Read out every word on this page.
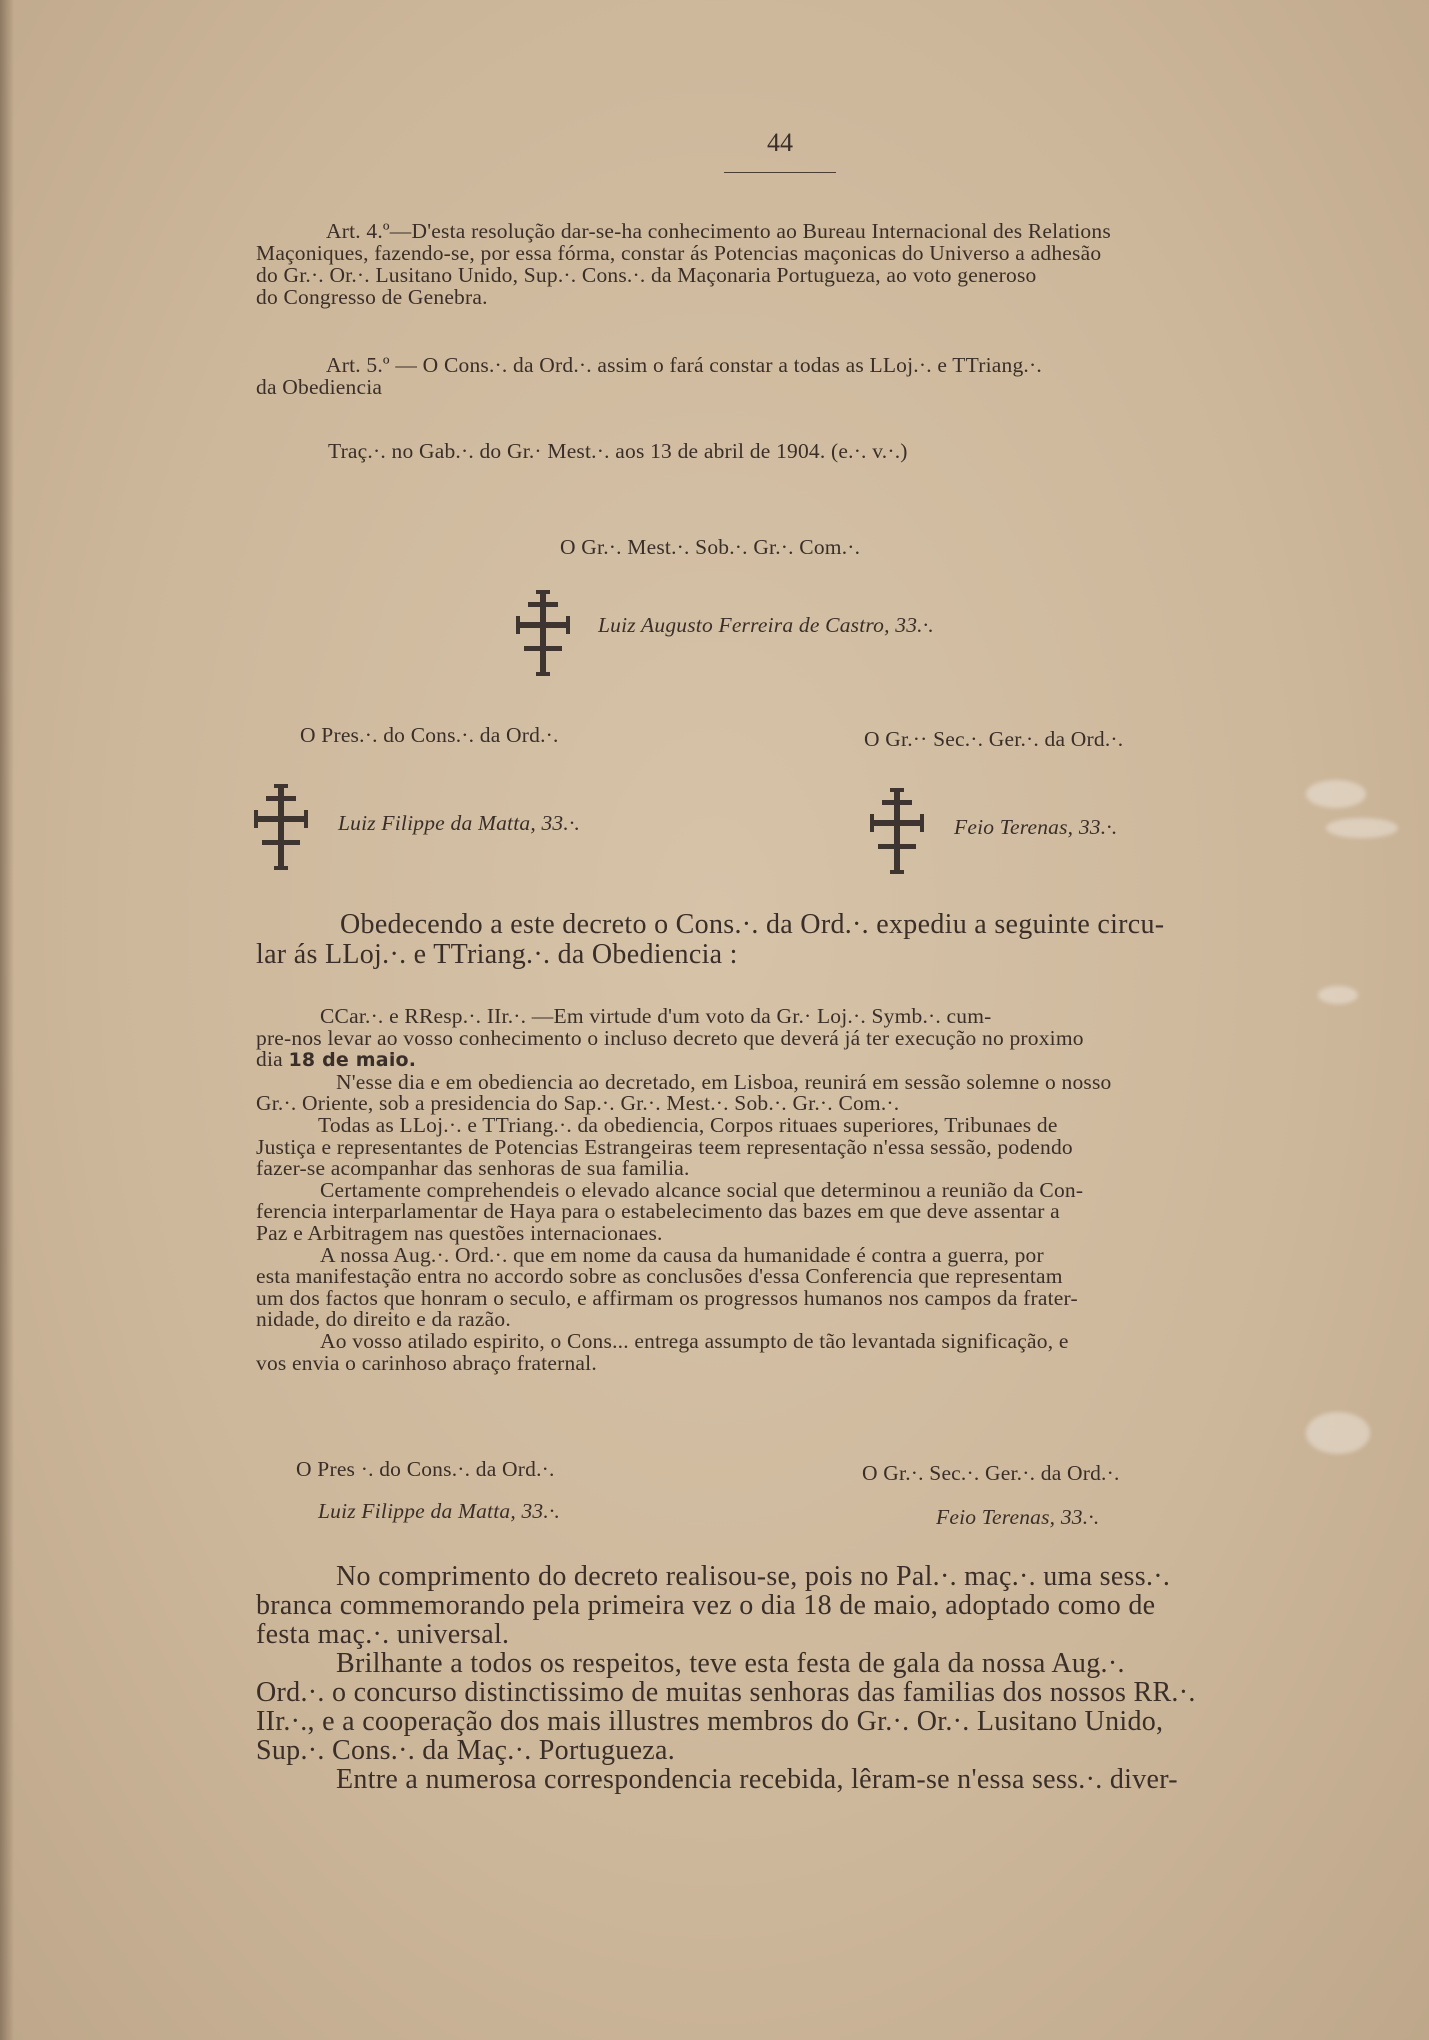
44
Art. 4.º—D'esta resolução dar-se-ha conhecimento ao Bureau Internacional des Relations
Maçoniques, fazendo-se, por essa fórma, constar ás Potencias maçonicas do Universo a adhesão
do Gr.·. Or.·. Lusitano Unido, Sup.·. Cons.·. da Maçonaria Portugueza, ao voto generoso
do Congresso de Genebra.
Art. 5.º — O Cons.·. da Ord.·. assim o fará constar a todas as LLoj.·. e TTriang.·.
da Obediencia
Traç.·. no Gab.·. do Gr.· Mest.·. aos 13 de abril de 1904. (e.·. v.·.)
O Gr.·. Mest.·. Sob.·. Gr.·. Com.·.
Luiz Augusto Ferreira de Castro, 33.·.
O Pres.·. do Cons.·. da Ord.·.	O Gr.·· Sec.·. Ger.·. da Ord.·.
Luiz Filippe da Matta, 33.·.	Feio Terenas, 33.·.
Obedecendo a este decreto o Cons.·. da Ord.·. expediu a seguinte circu-
lar ás LLoj.·. e TTriang.·. da Obediencia :
CCar.·. e RResp.·. IIr.·. —Em virtude d'um voto da Gr.· Loj.·. Symb.·. cum-
pre-nos levar ao vosso conhecimento o incluso decreto que deverá já ter execução no proximo
dia 18 de maio.
N'esse dia e em obediencia ao decretado, em Lisboa, reunirá em sessão solemne o nosso
Gr.·. Oriente, sob a presidencia do Sap.·. Gr.·. Mest.·. Sob.·. Gr.·. Com.·.
Todas as LLoj.·. e TTriang.·. da obediencia, Corpos rituaes superiores, Tribunaes de
Justiça e representantes de Potencias Estrangeiras teem representação n'essa sessão, podendo
fazer-se acompanhar das senhoras de sua familia.
Certamente comprehendeis o elevado alcance social que determinou a reunião da Con-
ferencia interparlamentar de Haya para o estabelecimento das bazes em que deve assentar a
Paz e Arbitragem nas questões internacionaes.
A nossa Aug.·. Ord.·. que em nome da causa da humanidade é contra a guerra, por
esta manifestação entra no accordo sobre as conclusões d'essa Conferencia que representam
um dos factos que honram o seculo, e affirmam os progressos humanos nos campos da frater-
nidade, do direito e da razão.
Ao vosso atilado espirito, o Cons... entrega assumpto de tão levantada significação, e
vos envia o carinhoso abraço fraternal.
O Pres ·. do Cons.·. da Ord.·.	O Gr.·. Sec.·. Ger.·. da Ord.·.
Luiz Filippe da Matta, 33.·.	Feio Terenas, 33.·.
No comprimento do decreto realisou-se, pois no Pal.·. maç.·. uma sess.·.
branca commemorando pela primeira vez o dia 18 de maio, adoptado como de
festa maç.·. universal.
Brilhante a todos os respeitos, teve esta festa de gala da nossa Aug.·.
Ord.·. o concurso distinctissimo de muitas senhoras das familias dos nossos RR.·.
IIr.·., e a cooperação dos mais illustres membros do Gr.·. Or.·. Lusitano Unido,
Sup.·. Cons.·. da Maç.·. Portugueza.
Entre a numerosa correspondencia recebida, lêram-se n'essa sess.·. diver-
